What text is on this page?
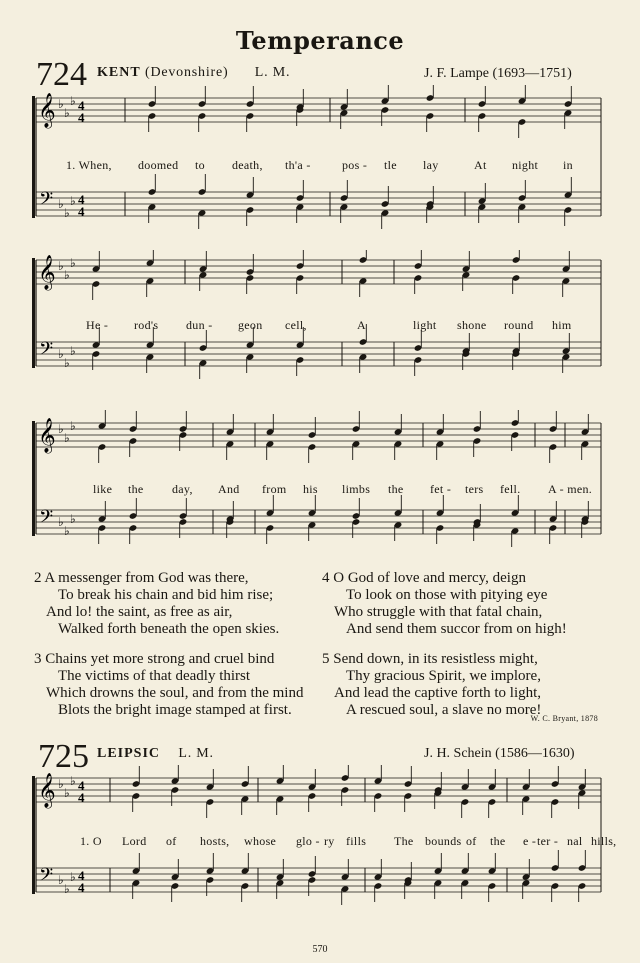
Temperance
724 KENT (Devonshire) L. M.	J. F. Lampe (1693—1751)
𝄞
𝄢
♭
♭
♭
♭
♭
♭
4
4
4
4
𝄞
𝄢
♭
♭
♭
♭
♭
♭
𝄞
𝄢
♭
♭
♭
♭
♭
♭
𝄞
𝄢
♭
♭
♭
♭
♭
♭
4
4
4
4
1. When, doomed to death, th'a -	pos - tle lay	At night in
He - rod's dun - geon cell,	A	light shone round him
like the day, And from his limbs the fet - ters fell. A - men.
1. O Lord of hosts, whose glo - ry fills The bounds of the e - ter - nal hills,
2 A messenger from God was there,
To break his chain and bid him rise;
And lo! the saint, as free as air,
Walked forth beneath the open skies.
3 Chains yet more strong and cruel bind
The victims of that deadly thirst
Which drowns the soul, and from the mind
Blots the bright image stamped at first.
4 O God of love and mercy, deign
To look on those with pitying eye
Who struggle with that fatal chain,
And send them succor from on high!
5 Send down, in its resistless might,
Thy gracious Spirit, we implore,
And lead the captive forth to light,
A rescued soul, a slave no more!
W. C. Bryant, 1878
725 LEIPSIC L. M.	J. H. Schein (1586—1630)
570
